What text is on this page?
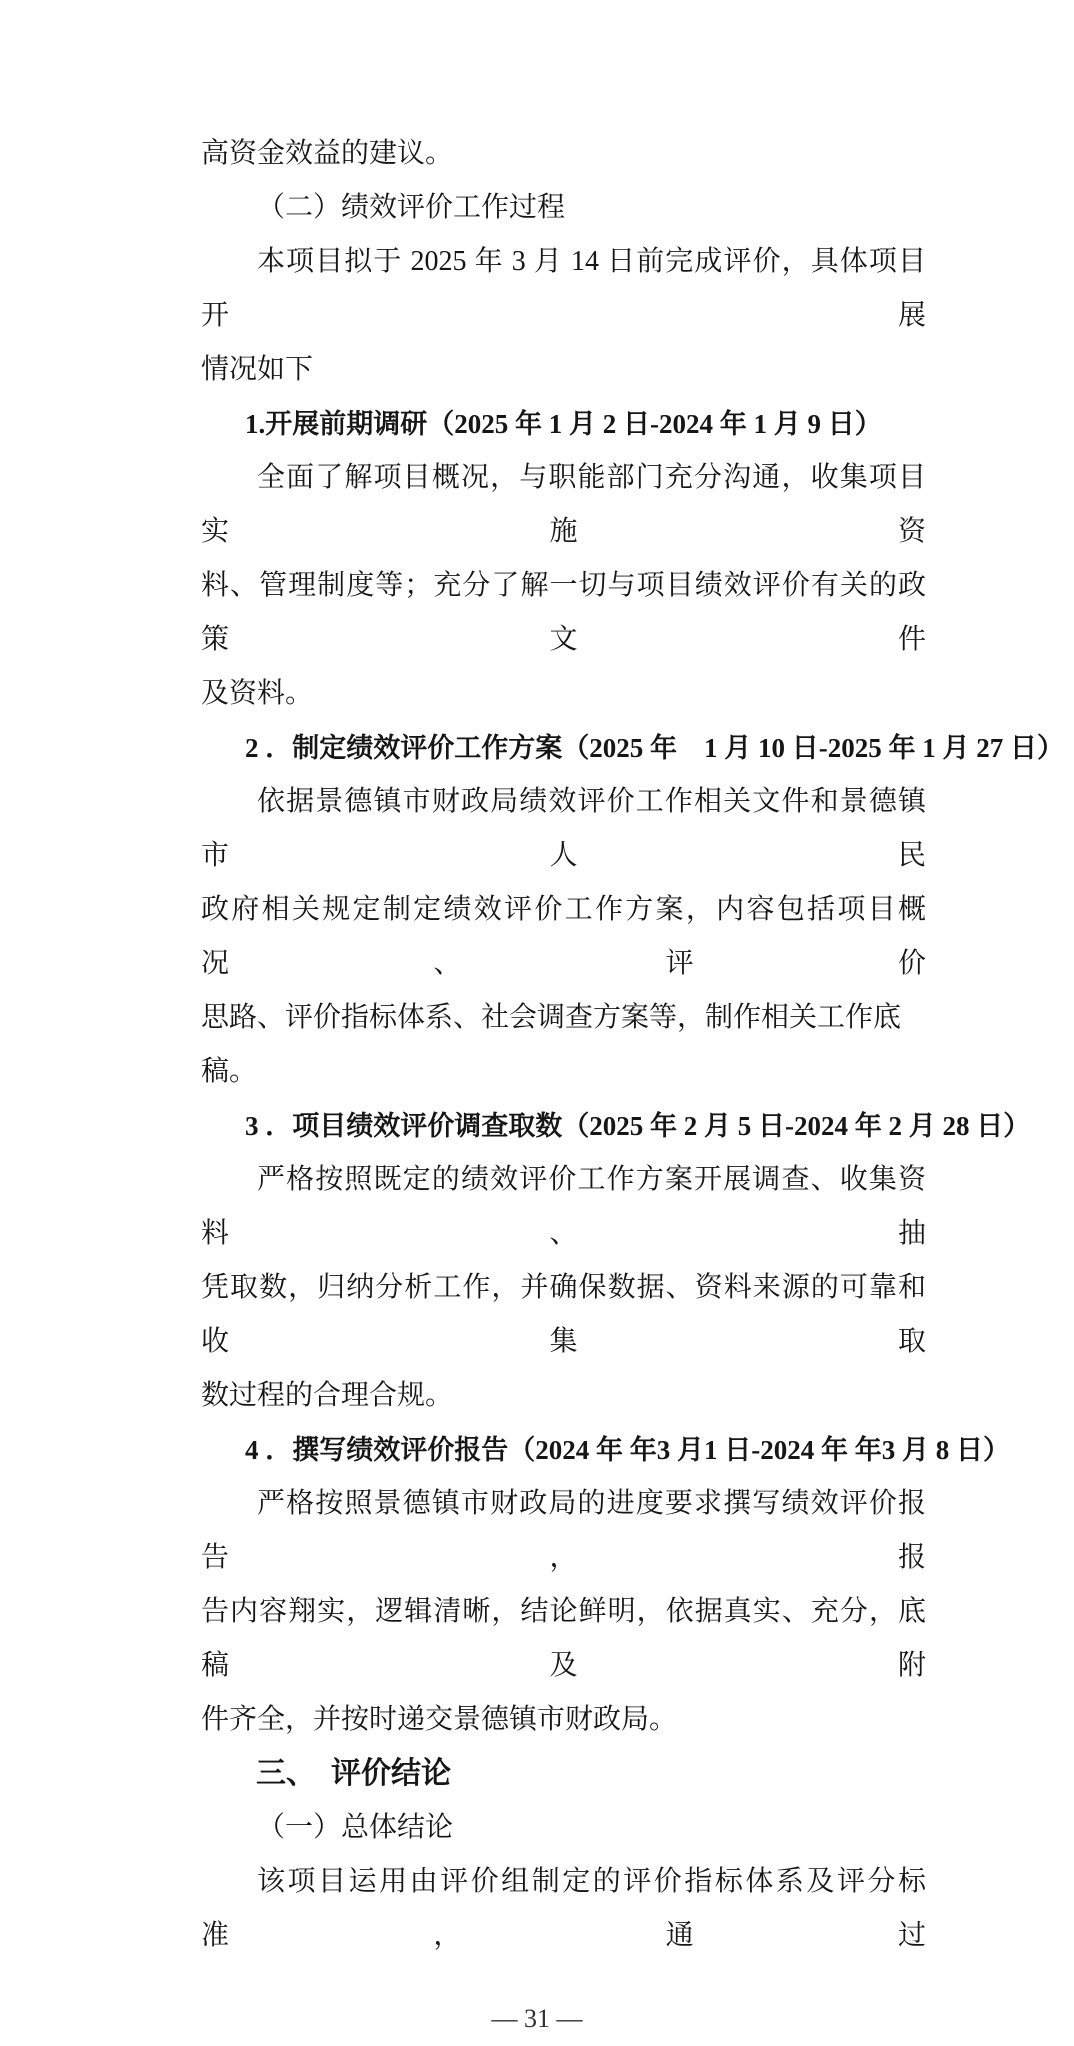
高资金效益的建议。
（二）绩效评价工作过程
本项目拟于 2025 年 3 月 14 日前完成评价，具体项目开展
情况如下
1.开展前期调研（2025 年 1 月 2 日-2024 年 1 月 9 日）
全面了解项目概况，与职能部门充分沟通，收集项目实施资
料、管理制度等；充分了解一切与项目绩效评价有关的政策文件
及资料。
2 ．制定绩效评价工作方案（2025 年　1 月 10 日-2025 年 1 月 27 日）
依据景德镇市财政局绩效评价工作相关文件和景德镇市人民
政府相关规定制定绩效评价工作方案，内容包括项目概况、评价
思路、评价指标体系、社会调查方案等，制作相关工作底稿。
3 ．项目绩效评价调查取数（2025 年 2 月 5 日-2024 年 2 月 28 日）
严格按照既定的绩效评价工作方案开展调查、收集资料、抽
凭取数，归纳分析工作，并确保数据、资料来源的可靠和收集取
数过程的合理合规。
4 ．撰写绩效评价报告（2024 年 年3 月1 日-2024 年 年3 月 8 日）
严格按照景德镇市财政局的进度要求撰写绩效评价报告，报
告内容翔实，逻辑清晰，结论鲜明，依据真实、充分，底稿及附
件齐全，并按时递交景德镇市财政局。
三、　评价结论
（一）总体结论
该项目运用由评价组制定的评价指标体系及评分标准，通过
— 31 —
